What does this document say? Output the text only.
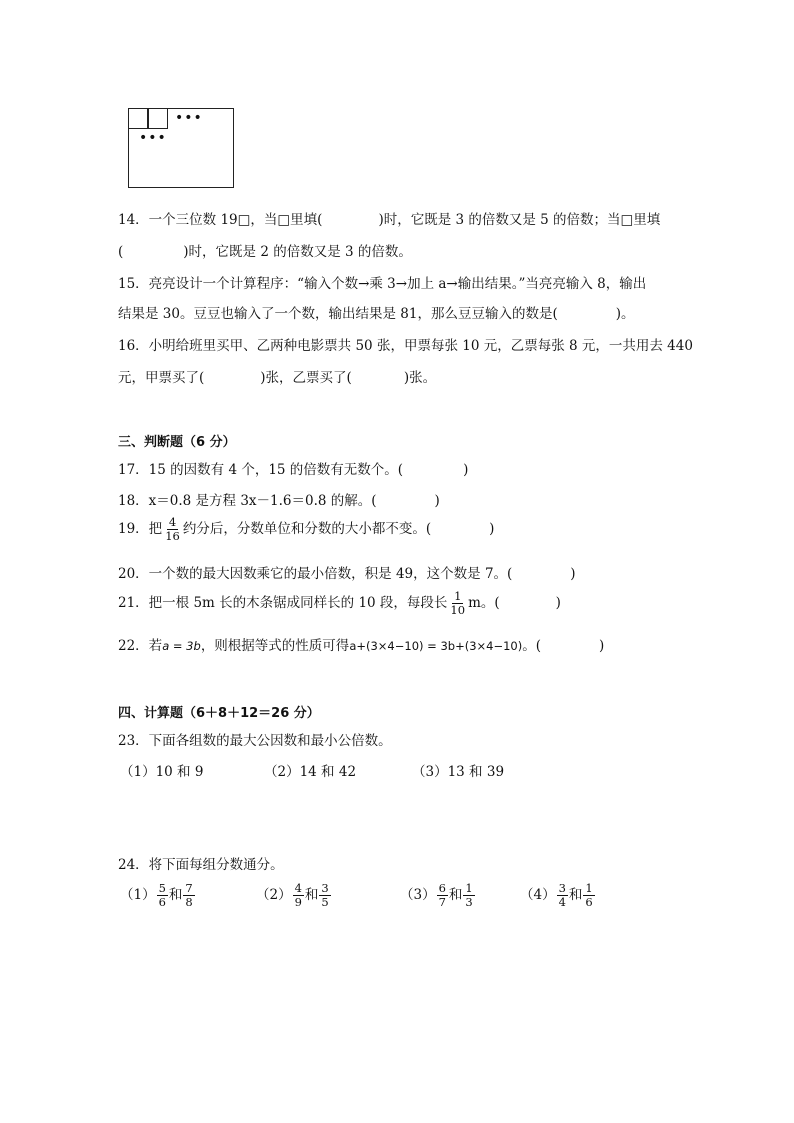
•••
•••
14．一个三位数 19□，当□里填(	)时，它既是 3 的倍数又是 5 的倍数；当□里填
(	)时，它既是 2 的倍数又是 3 的倍数。
15．亮亮设计一个计算程序：“输入个数→乘 3→加上 a→输出结果。”当亮亮输入 8，输出
结果是 30。豆豆也输入了一个数，输出结果是 81，那么豆豆输入的数是(	)。
16．小明给班里买甲、乙两种电影票共 50 张，甲票每张 10 元，乙票每张 8 元，一共用去 440
元，甲票买了(	)张，乙票买了(	)张。
三、判断题（6 分）
17．15 的因数有 4 个，15 的倍数有无数个。(	)
18．x＝0.8 是方程 3x－1.6＝0.8 的解。(	)
19．把 $\frac{4}{16}$ 约分后，分数单位和分数的大小都不变。(	)
20．一个数的最大因数乘它的最小倍数，积是 49，这个数是 7。(	)
21．把一根 5m 长的木条锯成同样长的 10 段，每段长 $\frac{1}{10}$ m。(	)
22．若a = 3b，则根据等式的性质可得a+(3×4−10) = 3b+(3×4−10)。(	)
四、计算题（6＋8＋12＝26 分）
23．下面各组数的最大公因数和最小公倍数。
（1）10 和 9	（2）14 和 42	（3）13 和 39
24．将下面每组分数通分。
$(1) \frac{5}{6}$ 和 $\frac{7}{8}$	$(2) \frac{4}{9}$ 和 $\frac{3}{5}$	$(3) \frac{6}{7}$ 和 $\frac{1}{3}$	$(4) \frac{3}{4}$ 和 $\frac{1}{6}$
